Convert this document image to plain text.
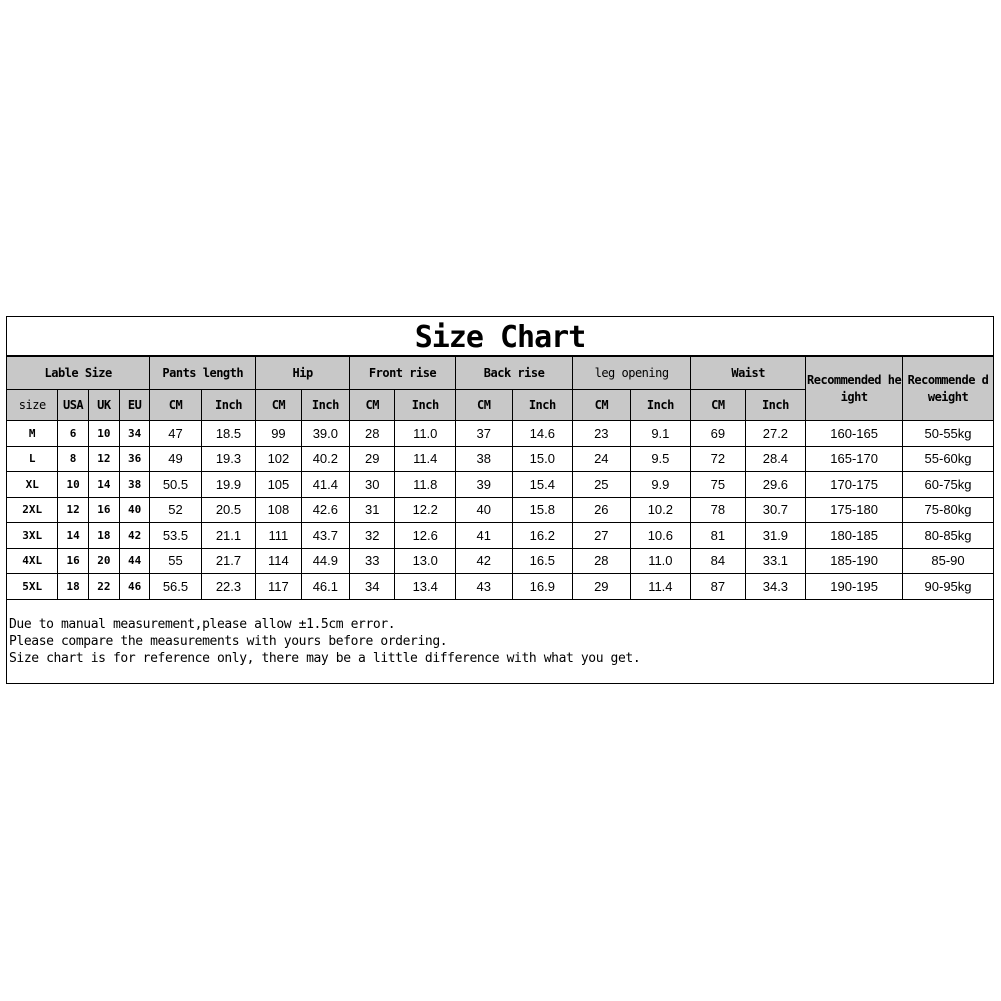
Size Chart
Lable Size				Pants length		Hip		Front rise		Back rise		leg opening		Waist		Recommended height	Recommende d weight
size	USA	UK	EU	CM	Inch	CM	Inch	CM	Inch	CM	Inch	CM	Inch	CM	Inch		
M	6	10	34	47	18.5	99	39.0	28	11.0	37	14.6	23	9.1	69	27.2	160-165	50-55kg
L	8	12	36	49	19.3	102	40.2	29	11.4	38	15.0	24	9.5	72	28.4	165-170	55-60kg
XL	10	14	38	50.5	19.9	105	41.4	30	11.8	39	15.4	25	9.9	75	29.6	170-175	60-75kg
2XL	12	16	40	52	20.5	108	42.6	31	12.2	40	15.8	26	10.2	78	30.7	175-180	75-80kg
3XL	14	18	42	53.5	21.1	111	43.7	32	12.6	41	16.2	27	10.6	81	31.9	180-185	80-85kg
4XL	16	20	44	55	21.7	114	44.9	33	13.0	42	16.5	28	11.0	84	33.1	185-190	85-90
5XL	18	22	46	56.5	22.3	117	46.1	34	13.4	43	16.9	29	11.4	87	34.3	190-195	90-95kg
Due to manual measurement,please allow ±1.5cm error.
Please compare the measurements with yours before ordering.
Size chart is for reference only, there may be a little difference with what you get.
